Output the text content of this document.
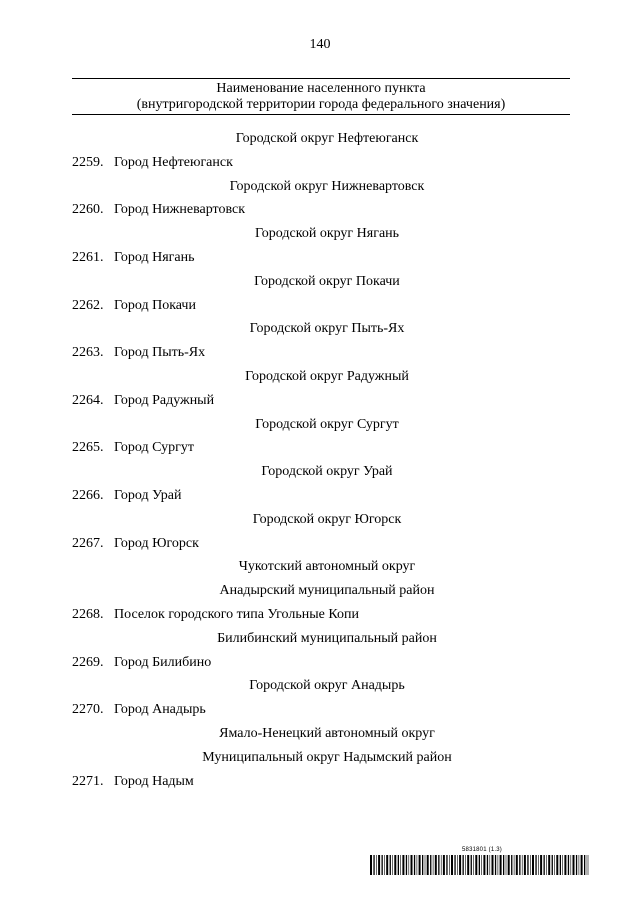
140
Наименование населенного пункта
(внутригородской территории города федерального значения)
Городской округ Нефтеюганск
2259. Город Нефтеюганск
Городской округ Нижневартовск
2260. Город Нижневартовск
Городской округ Нягань
2261. Город Нягань
Городской округ Покачи
2262. Город Покачи
Городской округ Пыть-Ях
2263. Город Пыть-Ях
Городской округ Радужный
2264. Город Радужный
Городской округ Сургут
2265. Город Сургут
Городской округ Урай
2266. Город Урай
Городской округ Югорск
2267. Город Югорск
Чукотский автономный округ
Анадырский муниципальный район
2268. Поселок городского типа Угольные Копи
Билибинский муниципальный район
2269. Город Билибино
Городской округ Анадырь
2270. Город Анадырь
Ямало-Ненецкий автономный округ
Муниципальный округ Надымский район
2271. Город Надым
5831801 (1.3)
